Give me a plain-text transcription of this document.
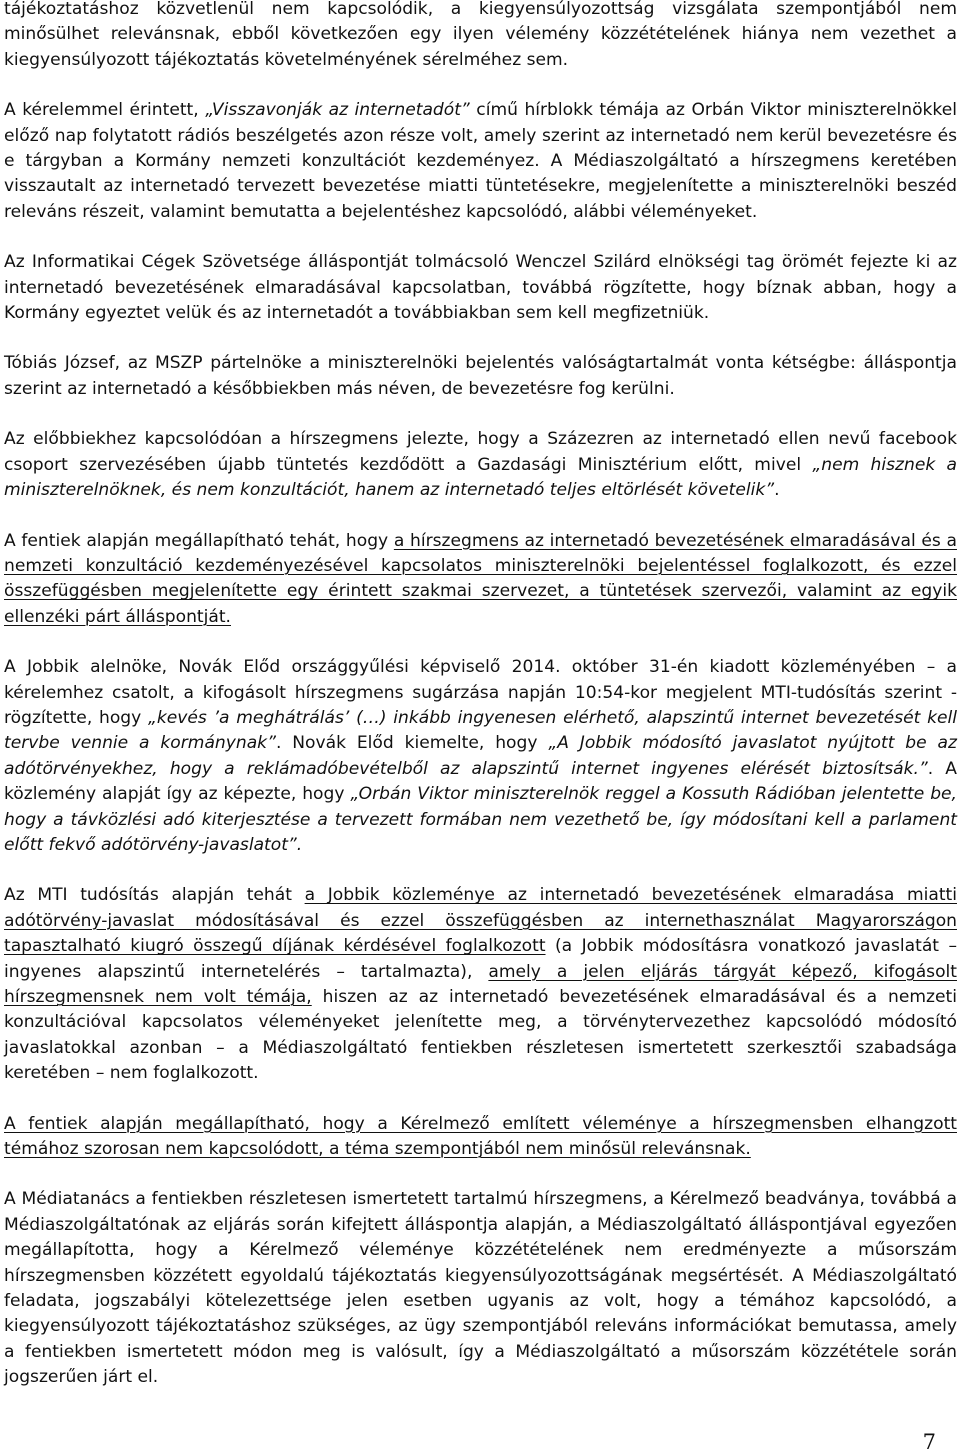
tájékoztatáshoz közvetlenül nem kapcsolódik, a kiegyensúlyozottság vizsgálata szempontjából nem minősülhet relevánsnak, ebből következően egy ilyen vélemény közzétételének hiánya nem vezethet a kiegyensúlyozott tájékoztatás követelményének sérelméhez sem.

A kérelemmel érintett, „Visszavonják az internetadót” című hírblokk témája az Orbán Viktor miniszterelnökkel előző nap folytatott rádiós beszélgetés azon része volt, amely szerint az internetadó nem kerül bevezetésre és e tárgyban a Kormány nemzeti konzultációt kezdeményez. A Médiaszolgáltató a hírszegmens keretében visszautalt az internetadó tervezett bevezetése miatti tüntetésekre, megjelenítette a miniszterelnöki beszéd releváns részeit, valamint bemutatta a bejelentéshez kapcsolódó, alábbi véleményeket.

Az Informatikai Cégek Szövetsége álláspontját tolmácsoló Wenczel Szilárd elnökségi tag örömét fejezte ki az internetadó bevezetésének elmaradásával kapcsolatban, továbbá rögzítette, hogy bíznak abban, hogy a Kormány egyeztet velük és az internetadót a továbbiakban sem kell megfizetniük.

Tóbiás József, az MSZP pártelnöke a miniszterelnöki bejelentés valóságtartalmát vonta kétségbe: álláspontja szerint az internetadó a későbbiekben más néven, de bevezetésre fog kerülni.

Az előbbiekhez kapcsolódóan a hírszegmens jelezte, hogy a Százezren az internetadó ellen nevű facebook csoport szervezésében újabb tüntetés kezdődött a Gazdasági Minisztérium előtt, mivel „nem hisznek a miniszterelnöknek, és nem konzultációt, hanem az internetadó teljes eltörlését követelik”.

A fentiek alapján megállapítható tehát, hogy a hírszegmens az internetadó bevezetésének elmaradásával és a nemzeti konzultáció kezdeményezésével kapcsolatos miniszterelnöki bejelentéssel foglalkozott, és ezzel összefüggésben megjelenítette egy érintett szakmai szervezet, a tüntetések szervezői, valamint az egyik ellenzéki párt álláspontját.

A Jobbik alelnöke, Novák Előd országgyűlési képviselő 2014. október 31-én kiadott közleményében – a kérelemhez csatolt, a kifogásolt hírszegmens sugárzása napján 10:54-kor megjelent MTI-tudósítás szerint - rögzítette, hogy „kevés ’a meghátrálás’ (…) inkább ingyenesen elérhető, alapszintű internet bevezetését kell tervbe vennie a kormánynak”. Novák Előd kiemelte, hogy „A Jobbik módosító javaslatot nyújtott be az adótörvényekhez, hogy a reklámadóbevételből az alapszintű internet ingyenes elérését biztosítsák.”. A közlemény alapját így az képezte, hogy „Orbán Viktor miniszterelnök reggel a Kossuth Rádióban jelentette be, hogy a távközlési adó kiterjesztése a tervezett formában nem vezethető be, így módosítani kell a parlament előtt fekvő adótörvény-javaslatot”.

Az MTI tudósítás alapján tehát a Jobbik közleménye az internetadó bevezetésének elmaradása miatti adótörvény-javaslat módosításával és ezzel összefüggésben az internethasználat Magyarországon tapasztalható kiugró összegű díjának kérdésével foglalkozott (a Jobbik módosításra vonatkozó javaslatát – ingyenes alapszintű internetelérés – tartalmazta), amely a jelen eljárás tárgyát képező, kifogásolt hírszegmensnek nem volt témája, hiszen az az internetadó bevezetésének elmaradásával és a nemzeti konzultációval kapcsolatos véleményeket jelenítette meg, a törvénytervezethez kapcsolódó módosító javaslatokkal azonban – a Médiaszolgáltató fentiekben részletesen ismertetett szerkesztői szabadsága keretében – nem foglalkozott.

A fentiek alapján megállapítható, hogy a Kérelmező említett véleménye a hírszegmensben elhangzott témához szorosan nem kapcsolódott, a téma szempontjából nem minősül relevánsnak.

A Médiatanács a fentiekben részletesen ismertetett tartalmú hírszegmens, a Kérelmező beadványa, továbbá a Médiaszolgáltatónak az eljárás során kifejtett álláspontja alapján, a Médiaszolgáltató álláspontjával egyezően megállapította, hogy a Kérelmező véleménye közzétételének nem eredményezte a műsorszám hírszegmensben közzétett egyoldalú tájékoztatás kiegyensúlyozottságának megsértését. A Médiaszolgáltató feladata, jogszabályi kötelezettsége jelen esetben ugyanis az volt, hogy a témához kapcsolódó, a kiegyensúlyozott tájékoztatáshoz szükséges, az ügy szempontjából releváns információkat bemutassa, amely a fentiekben ismertetett módon meg is valósult, így a Médiaszolgáltató a műsorszám közzététele során jogszerűen járt el.

7
